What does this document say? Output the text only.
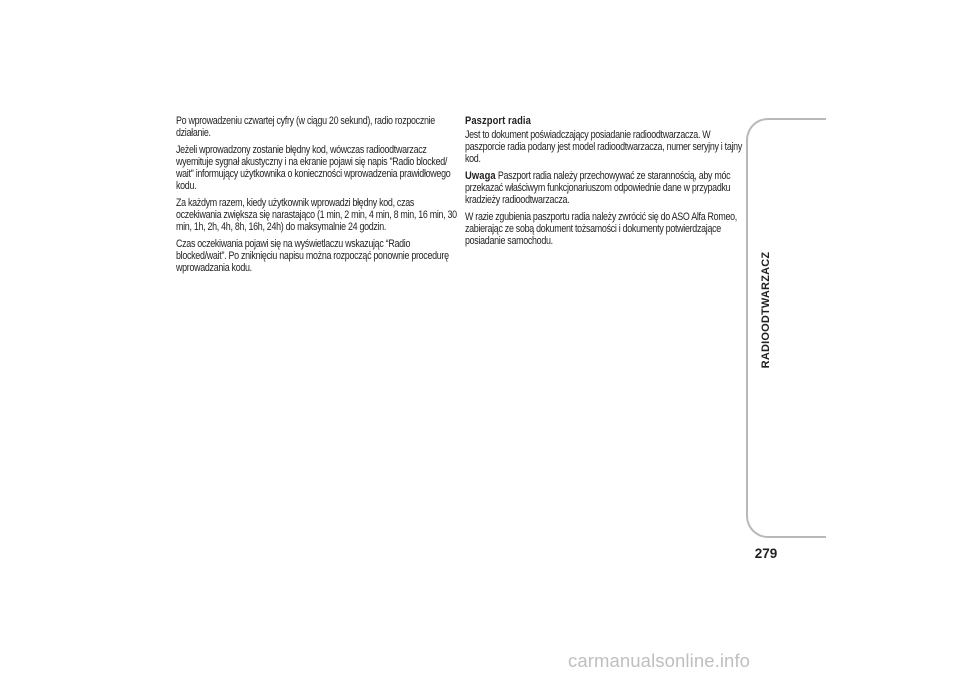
Po wprowadzeniu czwartej cyfry (w ciągu 20 sekund), radio rozpocznie działanie.

Jeżeli wprowadzony zostanie błędny kod, wówczas radioodtwarzacz wyemituje sygnał akustyczny i na ekranie pojawi się napis "Radio blocked/ wait" informujący użytkownika o konieczności wprowadzenia prawidłowego kodu.

Za każdym razem, kiedy użytkownik wprowadzi błędny kod, czas oczekiwania zwiększa się narastająco (1 min, 2 min, 4 min, 8 min, 16 min, 30 min, 1h, 2h, 4h, 8h, 16h, 24h) do maksymalnie 24 godzin.

Czas oczekiwania pojawi się na wyświetlaczu wskazując “Radio blocked/wait”. Po zniknięciu napisu można rozpocząć ponownie procedurę wprowadzania kodu.

Paszport radia

Jest to dokument poświadczający posiadanie radioodtwarzacza. W paszporcie radia podany jest model radioodtwarzacza, numer seryjny i tajny kod.

Uwaga Paszport radia należy przechowywać ze starannością, aby móc przekazać właściwym funkcjonariuszom odpowiednie dane w przypadku kradzieży radioodtwarzacza.

W razie zgubienia paszportu radia należy zwrócić się do ASO Alfa Romeo, zabierając ze sobą dokument tożsamości i dokumenty potwierdzające posiadanie samochodu.

RADIOODTWARZACZ
279
carmanualsonline.info
